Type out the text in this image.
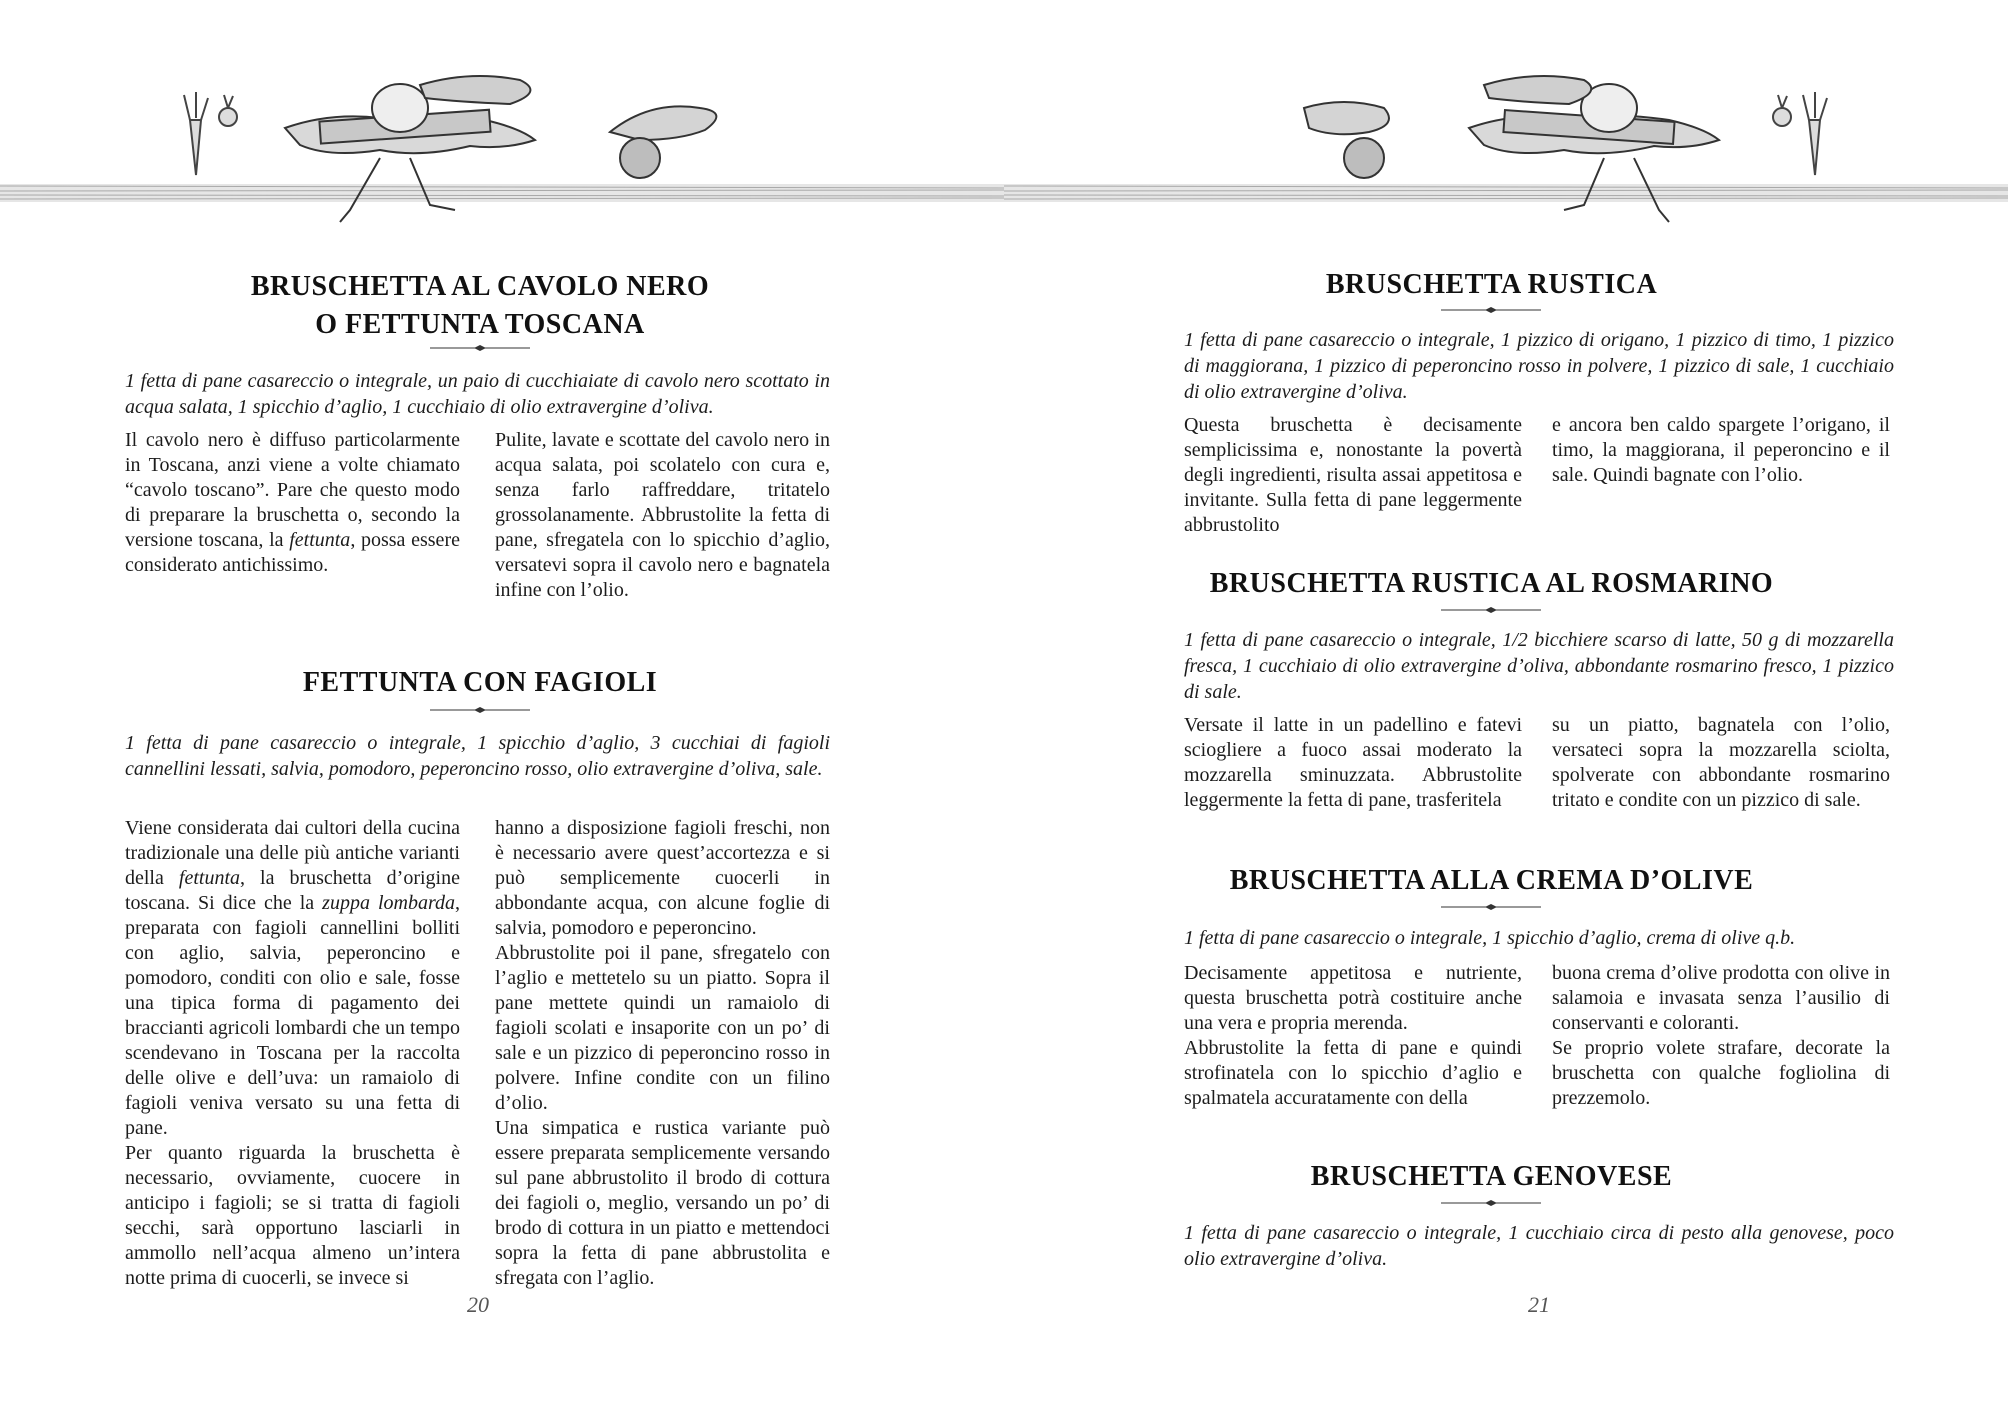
BRUSCHETTA AL CAVOLO NERO
O FETTUNTA TOSCANA
1 fetta di pane casareccio o integrale, un paio di cucchiaiate di cavolo nero scottato in acqua salata, 1 spicchio d’aglio, 1 cucchiaio di olio extravergine d’oliva.

Il cavolo nero è diffuso particolarmente in Toscana, anzi viene a volte chiamato “cavolo toscano”. Pare che questo modo di preparare la bruschetta o, secondo la versione toscana, la fettunta, possa essere considerato antichissimo.

Pulite, lavate e scottate del cavolo nero in acqua salata, poi scolatelo con cura e, senza farlo raffreddare, tritatelo grossolanamente. Abbrustolite la fetta di pane, sfregatela con lo spicchio d’aglio, versatevi sopra il cavolo nero e bagnatela infine con l’olio.

FETTUNTA CON FAGIOLI
1 fetta di pane casareccio o integrale, 1 spicchio d’aglio, 3 cucchiai di fagioli cannellini lessati, salvia, pomodoro, peperoncino rosso, olio extravergine d’oliva, sale.

Viene considerata dai cultori della cucina tradizionale una delle più antiche varianti della fettunta, la bruschetta d’origine toscana. Si dice che la zuppa lombarda, preparata con fagioli cannellini bolliti con aglio, salvia, peperoncino e pomodoro, conditi con olio e sale, fosse una tipica forma di pagamento dei braccianti agricoli lombardi che un tempo scendevano in Toscana per la raccolta delle olive e dell’uva: un ramaiolo di fagioli veniva versato su una fetta di pane.

Per quanto riguarda la bruschetta è necessario, ovviamente, cuocere in anticipo i fagioli; se si tratta di fagioli secchi, sarà opportuno lasciarli in ammollo nell’acqua almeno un’intera notte prima di cuocerli, se invece si

hanno a disposizione fagioli freschi, non è necessario avere quest’accortezza e si può semplicemente cuocerli in abbondante acqua, con alcune foglie di salvia, pomodoro e peperoncino.

Abbrustolite poi il pane, sfregatelo con l’aglio e mettetelo su un piatto. Sopra il pane mettete quindi un ramaiolo di fagioli scolati e insaporite con un po’ di sale e un pizzico di peperoncino rosso in polvere. Infine condite con un filino d’olio.

Una simpatica e rustica variante può essere preparata semplicemente versando sul pane abbrustolito il brodo di cottura dei fagioli o, meglio, versando un po’ di brodo di cottura in un piatto e mettendoci sopra la fetta di pane abbrustolita e sfregata con l’aglio.

20
BRUSCHETTA RUSTICA
1 fetta di pane casareccio o integrale, 1 pizzico di origano, 1 pizzico di timo, 1 pizzico di maggiorana, 1 pizzico di peperoncino rosso in polvere, 1 pizzico di sale, 1 cucchiaio di olio extravergine d’oliva.

Questa bruschetta è decisamente semplicissima e, nonostante la povertà degli ingredienti, risulta assai appetitosa e invitante. Sulla fetta di pane leggermente abbrustolito

e ancora ben caldo spargete l’origano, il timo, la maggiorana, il peperoncino e il sale. Quindi bagnate con l’olio.

BRUSCHETTA RUSTICA AL ROSMARINO
1 fetta di pane casareccio o integrale, 1/2 bicchiere scarso di latte, 50 g di mozzarella fresca, 1 cucchiaio di olio extravergine d’oliva, abbondante rosmarino fresco, 1 pizzico di sale.

Versate il latte in un padellino e fatevi sciogliere a fuoco assai moderato la mozzarella sminuzzata. Abbrustolite leggermente la fetta di pane, trasferitela

su un piatto, bagnatela con l’olio, versateci sopra la mozzarella sciolta, spolverate con abbondante rosmarino tritato e condite con un pizzico di sale.

BRUSCHETTA ALLA CREMA D’OLIVE
1 fetta di pane casareccio o integrale, 1 spicchio d’aglio, crema di olive q.b.

Decisamente appetitosa e nutriente, questa bruschetta potrà costituire anche una vera e propria merenda.

Abbrustolite la fetta di pane e quindi strofinatela con lo spicchio d’aglio e spalmatela accuratamente con della

buona crema d’olive prodotta con olive in salamoia e invasata senza l’ausilio di conservanti e coloranti.

Se proprio volete strafare, decorate la bruschetta con qualche fogliolina di prezzemolo.

BRUSCHETTA GENOVESE
1 fetta di pane casareccio o integrale, 1 cucchiaio circa di pesto alla genovese, poco olio extravergine d’oliva.
21
